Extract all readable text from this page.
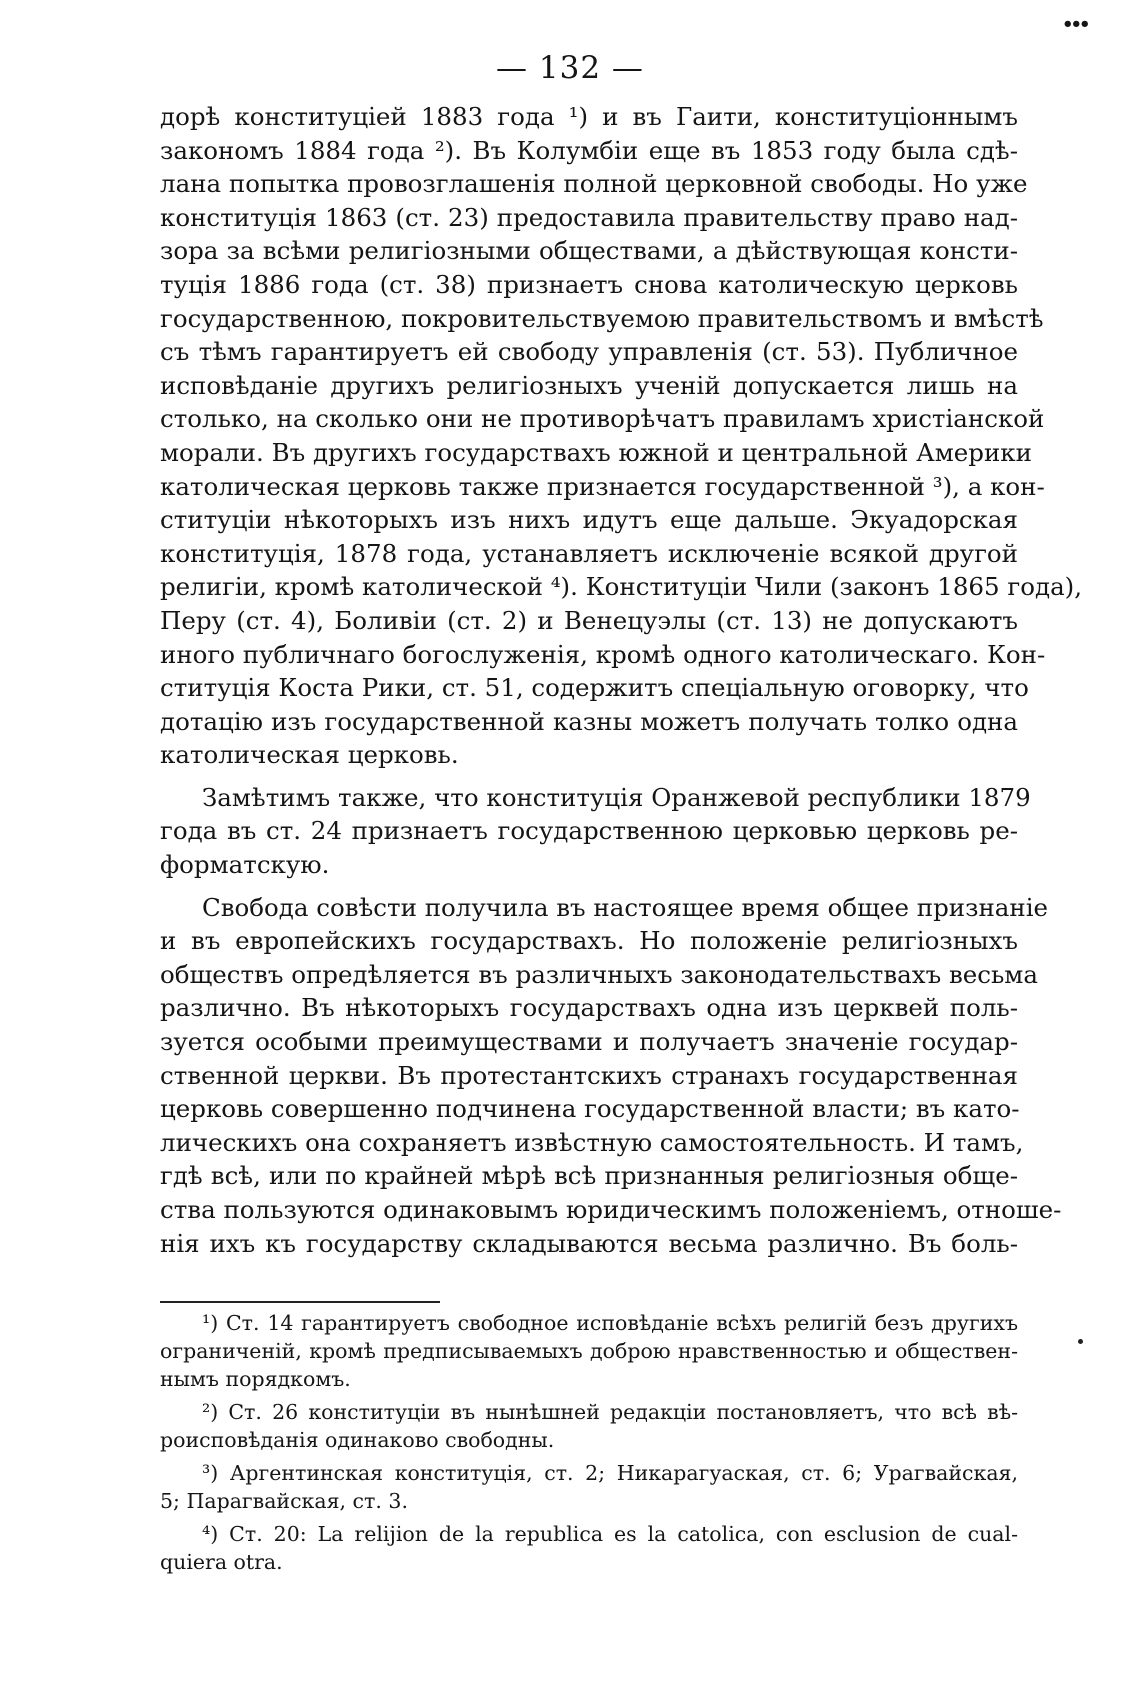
•••
— 132 —
дорѣ конституціей 1883 года ¹) и въ Гаити, конституціоннымъ
закономъ 1884 года ²). Въ Колумбіи еще въ 1853 году была сдѣ-
лана попытка провозглашенія полной церковной свободы. Но уже
конституція 1863 (ст. 23) предоставила правительству право над-
зора за всѣми религіозными обществами, а дѣйствующая консти-
туція 1886 года (ст. 38) признаетъ снова католическую церковь
государственною, покровительствуемою правительствомъ и вмѣстѣ
съ тѣмъ гарантируетъ ей свободу управленія (ст. 53). Публичное
исповѣданіе другихъ религіозныхъ ученій допускается лишь на
столько, на сколько они не противорѣчатъ правиламъ христіанской
морали. Въ другихъ государствахъ южной и центральной Америки
католическая церковь также признается государственной ³), а кон-
ституціи нѣкоторыхъ изъ нихъ идутъ еще дальше. Экуадорская
конституція, 1878 года, устанавляетъ исключеніе всякой другой
религіи, кромѣ католической ⁴). Конституціи Чили (законъ 1865 года),
Перу (ст. 4), Боливіи (ст. 2) и Венецуэлы (ст. 13) не допускаютъ
иного публичнаго богослуженія, кромѣ одного католическаго. Кон-
ституція Коста Рики, ст. 51, содержитъ спеціальную оговорку, что
дотацію изъ государственной казны можетъ получать толко одна
католическая церковь.
Замѣтимъ также, что конституція Оранжевой республики 1879
года въ ст. 24 признаетъ государственною церковью церковь ре-
форматскую.
Свобода совѣсти получила въ настоящее время общее признаніе
и въ европейскихъ государствахъ. Но положеніе религіозныхъ
обществъ опредѣляется въ различныхъ законодательствахъ весьма
различно. Въ нѣкоторыхъ государствахъ одна изъ церквей поль-
зуется особыми преимуществами и получаетъ значеніе государ-
ственной церкви. Въ протестантскихъ странахъ государственная
церковь совершенно подчинена государственной власти; въ като-
лическихъ она сохраняетъ извѣстную самостоятельность. И тамъ,
гдѣ всѣ, или по крайней мѣрѣ всѣ признанныя религіозныя обще-
ства пользуются одинаковымъ юридическимъ положеніемъ, отноше-
нія ихъ къ государству складываются весьма различно. Въ боль-
¹) Ст. 14 гарантируетъ свободное исповѣданіе всѣхъ религій безъ другихъ
ограниченій, кромѣ предписываемыхъ доброю нравственностью и обществен-
нымъ порядкомъ.
²) Ст. 26 конституціи въ нынѣшней редакціи постановляетъ, что всѣ вѣ-
роисповѣданія одинаково свободны.
³) Аргентинская конституція, ст. 2; Никарагуаская, ст. 6; Урагвайская,
5; Парагвайская, ст. 3.
⁴) Ст. 20: La relijion de la republica es la catolica, con esclusion de cual-
quiera otra.
